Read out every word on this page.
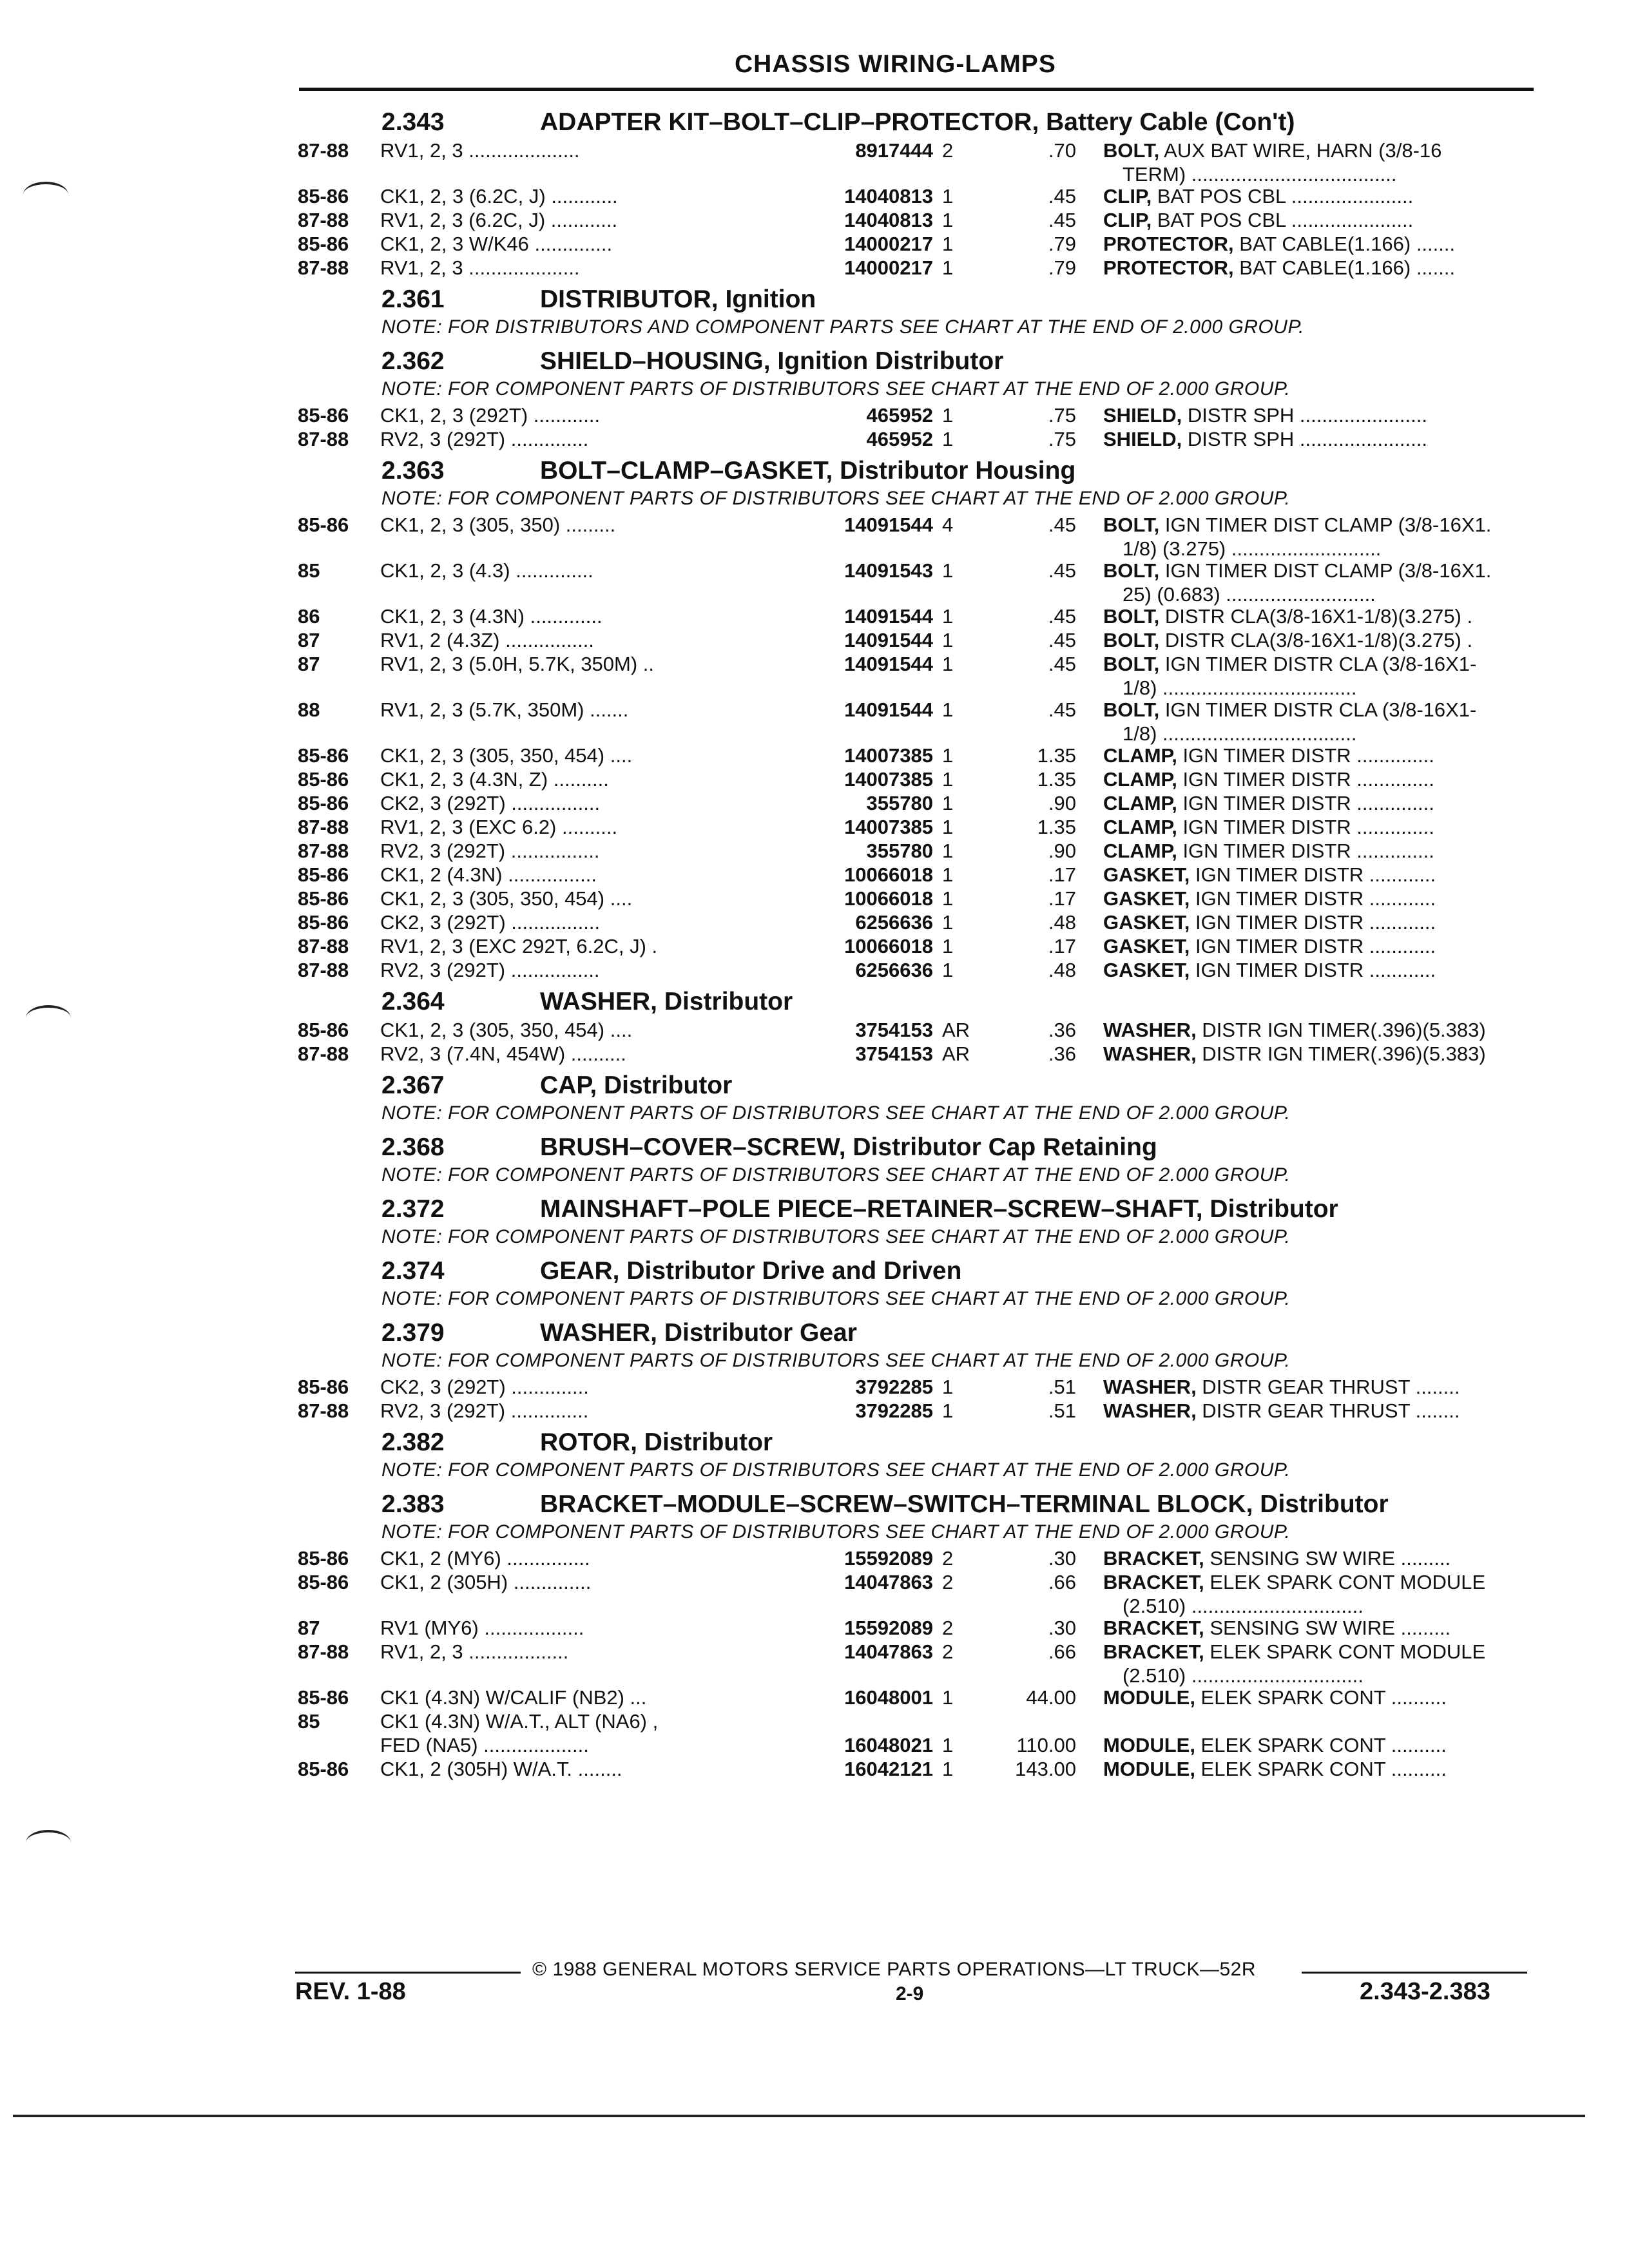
CHASSIS WIRING-LAMPS
2.343	ADAPTER KIT–BOLT–CLIP–PROTECTOR, Battery Cable (Con't)
87-88 RV1, 2, 3 ....................	8917444 2	.70 BOLT, AUX BAT WIRE, HARN (3/8-16
TERM) .....................................
85-86 CK1, 2, 3 (6.2C, J) ............	14040813 1	.45 CLIP, BAT POS CBL ......................
87-88 RV1, 2, 3 (6.2C, J) ............	14040813 1	.45 CLIP, BAT POS CBL ......................
85-86 CK1, 2, 3 W/K46 ..............	14000217 1	.79 PROTECTOR, BAT CABLE(1.166) .......
87-88 RV1, 2, 3 ....................	14000217 1	.79 PROTECTOR, BAT CABLE(1.166) .......
2.361	DISTRIBUTOR, Ignition
NOTE: FOR DISTRIBUTORS AND COMPONENT PARTS SEE CHART AT THE END OF 2.000 GROUP.
2.362	SHIELD–HOUSING, Ignition Distributor
NOTE: FOR COMPONENT PARTS OF DISTRIBUTORS SEE CHART AT THE END OF 2.000 GROUP.
85-86 CK1, 2, 3 (292T) ............	465952 1	.75 SHIELD, DISTR SPH .......................
87-88 RV2, 3 (292T) ..............	465952 1	.75 SHIELD, DISTR SPH .......................
2.363	BOLT–CLAMP–GASKET, Distributor Housing
NOTE: FOR COMPONENT PARTS OF DISTRIBUTORS SEE CHART AT THE END OF 2.000 GROUP.
85-86 CK1, 2, 3 (305, 350) .........	14091544 4	.45 BOLT, IGN TIMER DIST CLAMP (3/8-16X1.
1/8) (3.275) ...........................
85	CK1, 2, 3 (4.3) ..............	14091543 1	.45 BOLT, IGN TIMER DIST CLAMP (3/8-16X1.
25) (0.683) ...........................
86	CK1, 2, 3 (4.3N) .............	14091544 1	.45 BOLT, DISTR CLA(3/8-16X1-1/8)(3.275) .
87	RV1, 2 (4.3Z) ................	14091544 1	.45 BOLT, DISTR CLA(3/8-16X1-1/8)(3.275) .
87	RV1, 2, 3 (5.0H, 5.7K, 350M) ..	14091544 1	.45 BOLT, IGN TIMER DISTR CLA (3/8-16X1-
1/8) ...................................
88	RV1, 2, 3 (5.7K, 350M) .......	14091544 1	.45 BOLT, IGN TIMER DISTR CLA (3/8-16X1-
1/8) ...................................
85-86 CK1, 2, 3 (305, 350, 454) ....	14007385 1	1.35 CLAMP, IGN TIMER DISTR ..............
85-86 CK1, 2, 3 (4.3N, Z) ..........	14007385 1	1.35 CLAMP, IGN TIMER DISTR ..............
85-86 CK2, 3 (292T) ................	355780 1	.90 CLAMP, IGN TIMER DISTR ..............
87-88 RV1, 2, 3 (EXC 6.2) ..........	14007385 1	1.35 CLAMP, IGN TIMER DISTR ..............
87-88 RV2, 3 (292T) ................	355780 1	.90 CLAMP, IGN TIMER DISTR ..............
85-86 CK1, 2 (4.3N) ................	10066018 1	.17 GASKET, IGN TIMER DISTR ............
85-86 CK1, 2, 3 (305, 350, 454) ....	10066018 1	.17 GASKET, IGN TIMER DISTR ............
85-86 CK2, 3 (292T) ................	6256636 1	.48 GASKET, IGN TIMER DISTR ............
87-88 RV1, 2, 3 (EXC 292T, 6.2C, J) .	10066018 1	.17 GASKET, IGN TIMER DISTR ............
87-88 RV2, 3 (292T) ................	6256636 1	.48 GASKET, IGN TIMER DISTR ............
2.364	WASHER, Distributor
85-86 CK1, 2, 3 (305, 350, 454) ....	3754153 AR	.36 WASHER, DISTR IGN TIMER(.396)(5.383)
87-88 RV2, 3 (7.4N, 454W) ..........	3754153 AR	.36 WASHER, DISTR IGN TIMER(.396)(5.383)
2.367	CAP, Distributor
NOTE: FOR COMPONENT PARTS OF DISTRIBUTORS SEE CHART AT THE END OF 2.000 GROUP.
2.368	BRUSH–COVER–SCREW, Distributor Cap Retaining
NOTE: FOR COMPONENT PARTS OF DISTRIBUTORS SEE CHART AT THE END OF 2.000 GROUP.
2.372	MAINSHAFT–POLE PIECE–RETAINER–SCREW–SHAFT, Distributor
NOTE: FOR COMPONENT PARTS OF DISTRIBUTORS SEE CHART AT THE END OF 2.000 GROUP.
2.374	GEAR, Distributor Drive and Driven
NOTE: FOR COMPONENT PARTS OF DISTRIBUTORS SEE CHART AT THE END OF 2.000 GROUP.
2.379	WASHER, Distributor Gear
NOTE: FOR COMPONENT PARTS OF DISTRIBUTORS SEE CHART AT THE END OF 2.000 GROUP.
85-86 CK2, 3 (292T) ..............	3792285 1	.51 WASHER, DISTR GEAR THRUST ........
87-88 RV2, 3 (292T) ..............	3792285 1	.51 WASHER, DISTR GEAR THRUST ........
2.382	ROTOR, Distributor
NOTE: FOR COMPONENT PARTS OF DISTRIBUTORS SEE CHART AT THE END OF 2.000 GROUP.
2.383	BRACKET–MODULE–SCREW–SWITCH–TERMINAL BLOCK, Distributor
NOTE: FOR COMPONENT PARTS OF DISTRIBUTORS SEE CHART AT THE END OF 2.000 GROUP.
85-86 CK1, 2 (MY6) ...............	15592089 2	.30 BRACKET, SENSING SW WIRE .........
85-86 CK1, 2 (305H) ..............	14047863 2	.66 BRACKET, ELEK SPARK CONT MODULE
(2.510) ...............................
87	RV1 (MY6) ..................	15592089 2	.30 BRACKET, SENSING SW WIRE .........
87-88 RV1, 2, 3 ..................	14047863 2	.66 BRACKET, ELEK SPARK CONT MODULE
(2.510) ...............................
85-86 CK1 (4.3N) W/CALIF (NB2) ...	16048001 1	44.00 MODULE, ELEK SPARK CONT ..........
85	CK1 (4.3N) W/A.T., ALT (NA6) ,
FED (NA5) ...................	16048021 1	110.00 MODULE, ELEK SPARK CONT ..........
85-86 CK1, 2 (305H) W/A.T. ........	16042121 1	143.00 MODULE, ELEK SPARK CONT ..........
© 1988 GENERAL MOTORS SERVICE PARTS OPERATIONS—LT TRUCK—52R
REV. 1-88	2-9	2.343-2.383
